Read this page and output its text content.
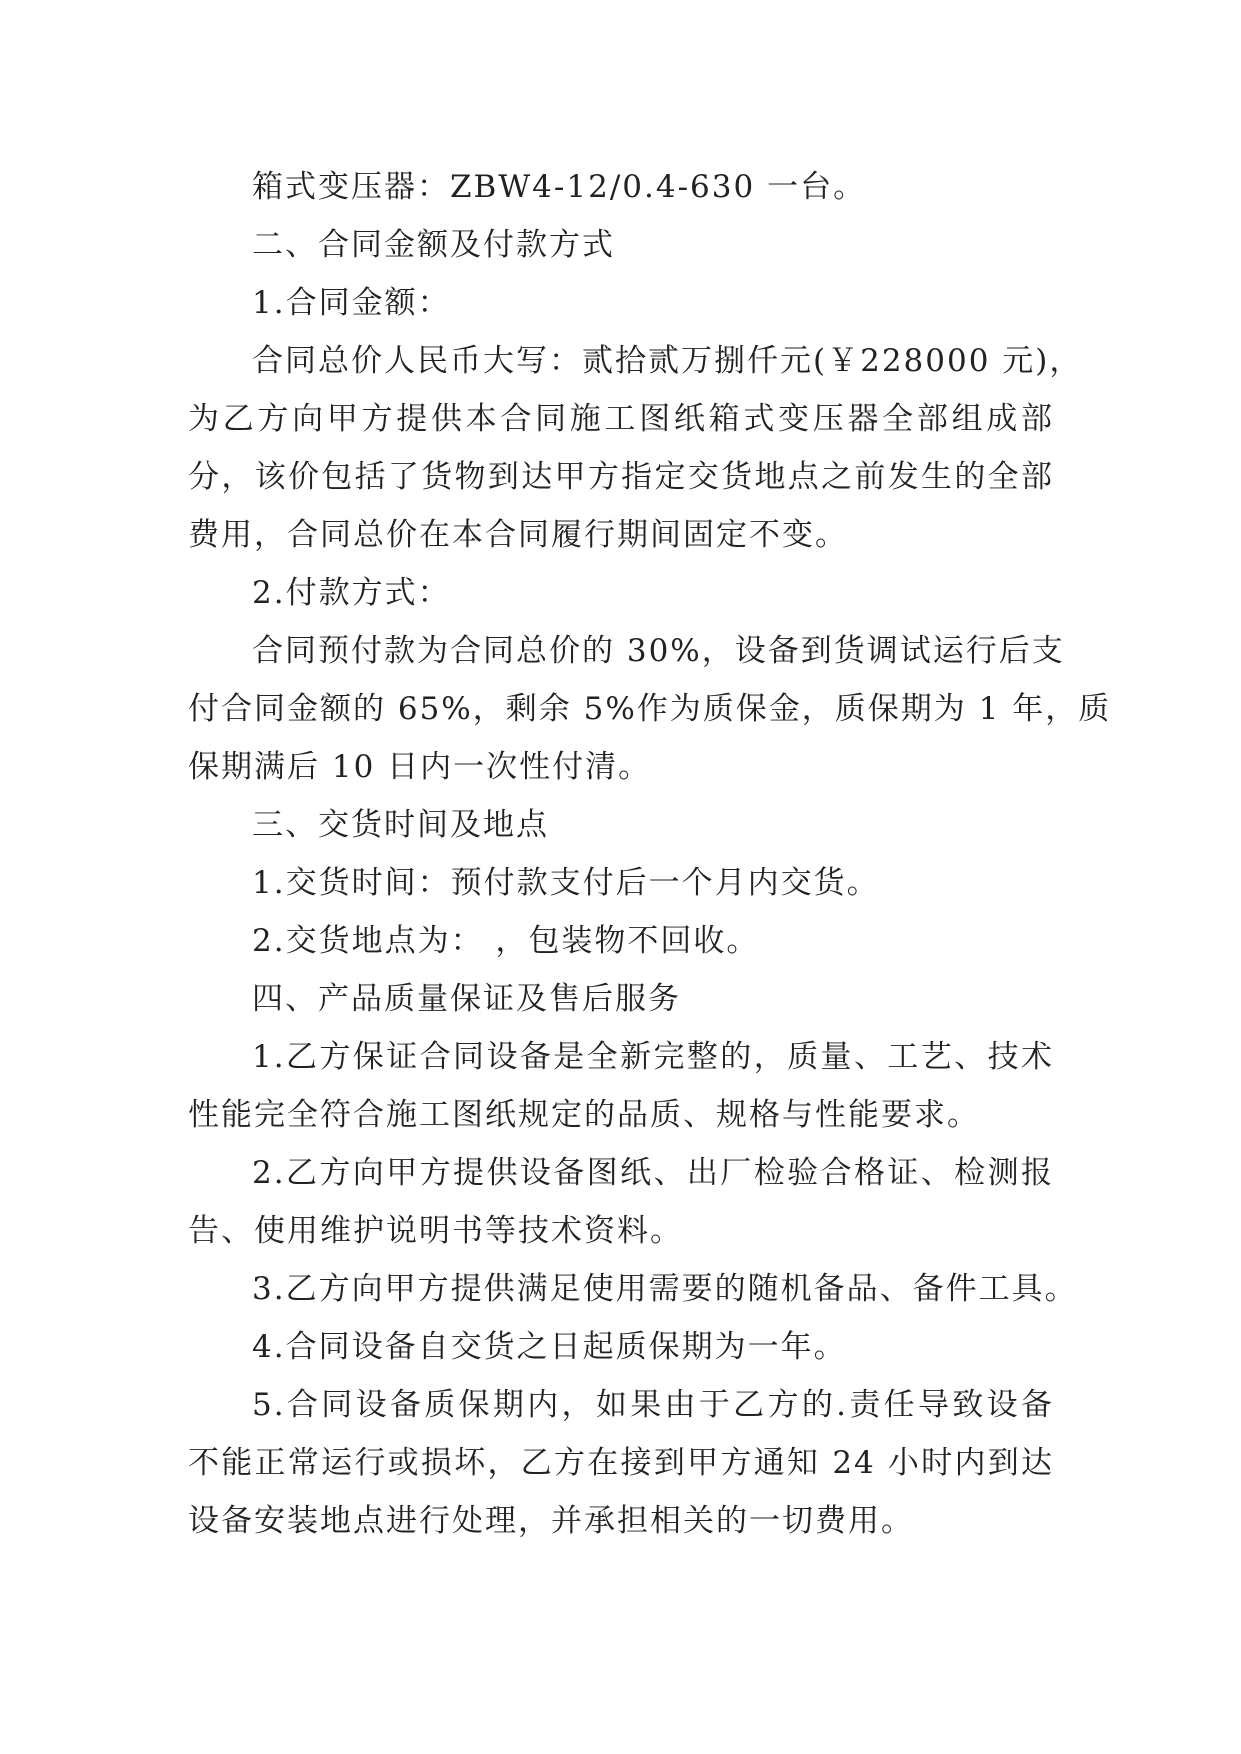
箱式变压器：ZBW4-12/0.4-630 一台。
二、合同金额及付款方式
1.合同金额：
合同总价人民币大写：贰拾贰万捌仟元(￥228000 元)，
为乙方向甲方提供本合同施工图纸箱式变压器全部组成部
分，该价包括了货物到达甲方指定交货地点之前发生的全部
费用，合同总价在本合同履行期间固定不变。
2.付款方式：
合同预付款为合同总价的 30%，设备到货调试运行后支
付合同金额的 65%，剩余 5%作为质保金，质保期为 1 年，质
保期满后 10 日内一次性付清。
三、交货时间及地点
1.交货时间：预付款支付后一个月内交货。
2.交货地点为： ，包装物不回收。
四、产品质量保证及售后服务
1.乙方保证合同设备是全新完整的，质量、工艺、技术
性能完全符合施工图纸规定的品质、规格与性能要求。
2.乙方向甲方提供设备图纸、出厂检验合格证、检测报
告、使用维护说明书等技术资料。
3.乙方向甲方提供满足使用需要的随机备品、备件工具。
4.合同设备自交货之日起质保期为一年。
5.合同设备质保期内，如果由于乙方的.责任导致设备
不能正常运行或损坏，乙方在接到甲方通知 24 小时内到达
设备安装地点进行处理，并承担相关的一切费用。
